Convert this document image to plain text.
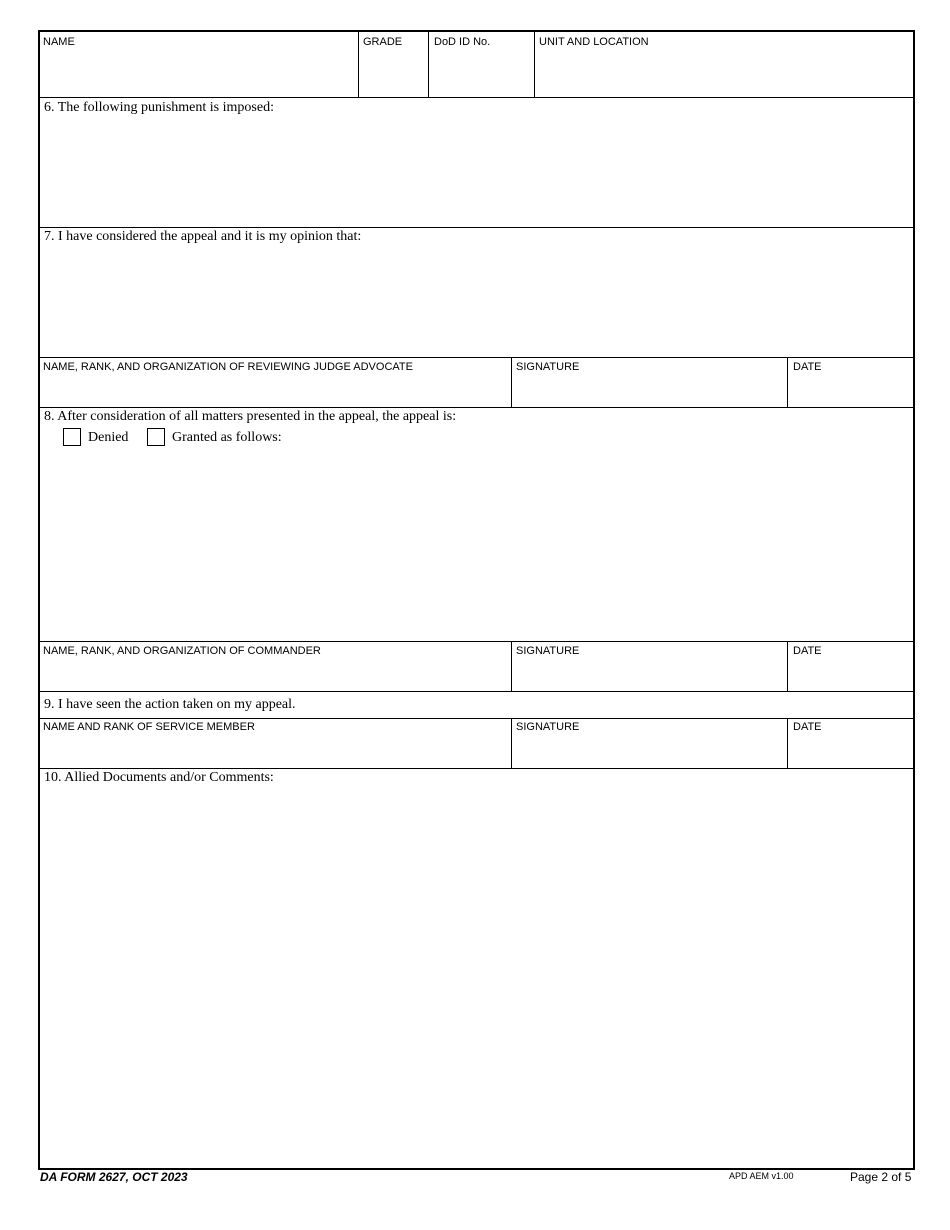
NAME	GRADE	DoD ID No.	UNIT AND LOCATION
6. The following punishment is imposed:
7. I have considered the appeal and it is my opinion that:
NAME, RANK, AND ORGANIZATION OF REVIEWING JUDGE ADVOCATE	SIGNATURE	DATE
8. After consideration of all matters presented in the appeal, the appeal is:
Denied	Granted as follows:
NAME, RANK, AND ORGANIZATION OF COMMANDER	SIGNATURE	DATE
9. I have seen the action taken on my appeal.
NAME AND RANK OF SERVICE MEMBER	SIGNATURE	DATE
10. Allied Documents and/or Comments:
DA FORM 2627, OCT 2023	APD AEM v1.00	Page 2 of 5
